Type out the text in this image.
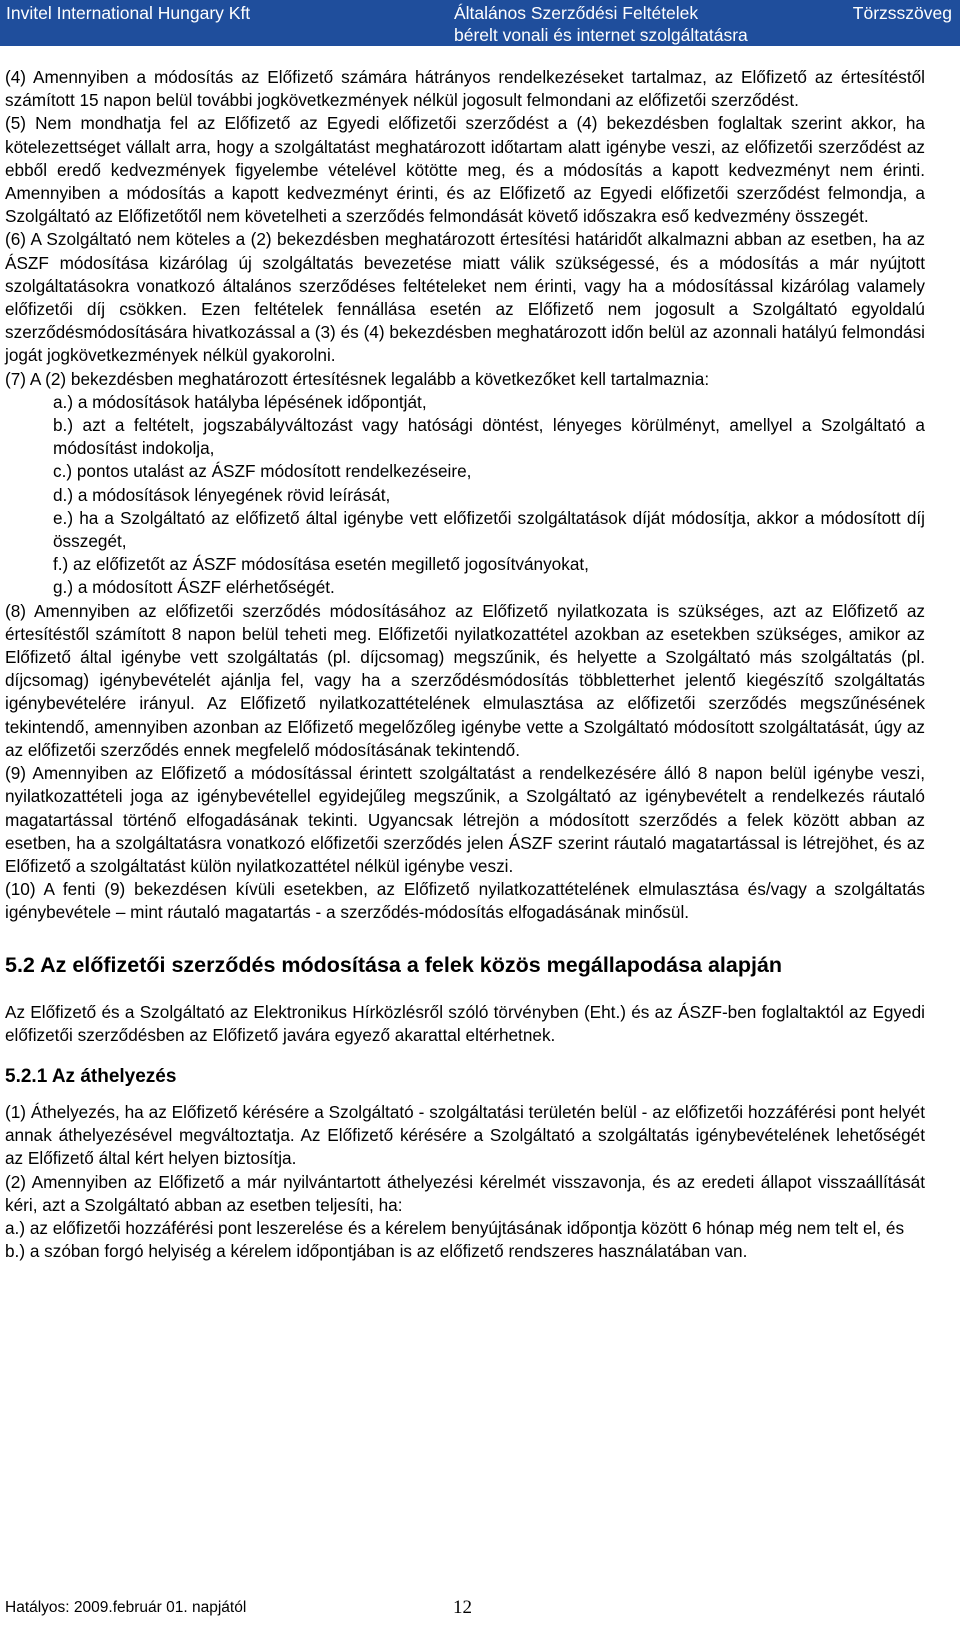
Invitel International Hungary Kft	Általános Szerződési Feltételek
bérelt vonali és internet szolgáltatásra
Törzsszöveg

(4) Amennyiben a módosítás az Előfizető számára hátrányos rendelkezéseket tartalmaz, az Előfizető az értesítéstől számított 15 napon belül további jogkövetkezmények nélkül jogosult felmondani az előfizetői szerződést.

(5) Nem mondhatja fel az Előfizető az Egyedi előfizetői szerződést a (4) bekezdésben foglaltak szerint akkor, ha kötelezettséget vállalt arra, hogy a szolgáltatást meghatározott időtartam alatt igénybe veszi, az előfizetői szerződést az ebből eredő kedvezmények figyelembe vételével kötötte meg, és a módosítás a kapott kedvezményt nem érinti. Amennyiben a módosítás a kapott kedvezményt érinti, és az Előfizető az Egyedi előfizetői szerződést felmondja, a Szolgáltató az Előfizetőtől nem követelheti a szerződés felmondását követő időszakra eső kedvezmény összegét.

(6) A Szolgáltató nem köteles a (2) bekezdésben meghatározott értesítési határidőt alkalmazni abban az esetben, ha az ÁSZF módosítása kizárólag új szolgáltatás bevezetése miatt válik szükségessé, és a módosítás a már nyújtott szolgáltatásokra vonatkozó általános szerződéses feltételeket nem érinti, vagy ha a módosítással kizárólag valamely előfizetői díj csökken. Ezen feltételek fennállása esetén az Előfizető nem jogosult a Szolgáltató egyoldalú szerződésmódosítására hivatkozással a (3) és (4) bekezdésben meghatározott időn belül az azonnali hatályú felmondási jogát jogkövetkezmények nélkül gyakorolni.

(7) A (2) bekezdésben meghatározott értesítésnek legalább a következőket kell tartalmaznia:

a.) a módosítások hatályba lépésének időpontját,

b.) azt a feltételt, jogszabályváltozást vagy hatósági döntést, lényeges körülményt, amellyel a Szolgáltató a módosítást indokolja,

c.) pontos utalást az ÁSZF módosított rendelkezéseire,

d.) a módosítások lényegének rövid leírását,

e.) ha a Szolgáltató az előfizető által igénybe vett előfizetői szolgáltatások díját módosítja, akkor a módosított díj összegét,

f.) az előfizetőt az ÁSZF módosítása esetén megillető jogosítványokat,

g.) a módosított ÁSZF elérhetőségét.

(8) Amennyiben az előfizetői szerződés módosításához az Előfizető nyilatkozata is szükséges, azt az Előfizető az értesítéstől számított 8 napon belül teheti meg. Előfizetői nyilatkozattétel azokban az esetekben szükséges, amikor az Előfizető által igénybe vett szolgáltatás (pl. díjcsomag) megszűnik, és helyette a Szolgáltató más szolgáltatás (pl. díjcsomag) igénybevételét ajánlja fel, vagy ha a szerződésmódosítás többletterhet jelentő kiegészítő szolgáltatás igénybevételére irányul. Az Előfizető nyilatkozattételének elmulasztása az előfizetői szerződés megszűnésének tekintendő, amennyiben azonban az Előfizető megelőzőleg igénybe vette a Szolgáltató módosított szolgáltatását, úgy az az előfizetői szerződés ennek megfelelő módosításának tekintendő.

(9) Amennyiben az Előfizető a módosítással érintett szolgáltatást a rendelkezésére álló 8 napon belül igénybe veszi, nyilatkozattételi joga az igénybevétellel egyidejűleg megszűnik, a Szolgáltató az igénybevételt a rendelkezés ráutaló magatartással történő elfogadásának tekinti. Ugyancsak létrejön a módosított szerződés a felek között abban az esetben, ha a szolgáltatásra vonatkozó előfizetői szerződés jelen ÁSZF szerint ráutaló magatartással is létrejöhet, és az Előfizető a szolgáltatást külön nyilatkozattétel nélkül igénybe veszi.

(10) A fenti (9) bekezdésen kívüli esetekben, az Előfizető nyilatkozattételének elmulasztása és/vagy a szolgáltatás igénybevétele – mint ráutaló magatartás - a szerződés-módosítás elfogadásának minősül.

5.2 Az előfizetői szerződés módosítása a felek közös megállapodása alapján

Az Előfizető és a Szolgáltató az Elektronikus Hírközlésről szóló törvényben (Eht.) és az ÁSZF-ben foglaltaktól az Egyedi előfizetői szerződésben az Előfizető javára egyező akarattal eltérhetnek.

5.2.1 Az áthelyezés

(1) Áthelyezés, ha az Előfizető kérésére a Szolgáltató - szolgáltatási területén belül - az előfizetői hozzáférési pont helyét annak áthelyezésével megváltoztatja. Az Előfizető kérésére a Szolgáltató a szolgáltatás igénybevételének lehetőségét az Előfizető által kért helyen biztosítja.

(2) Amennyiben az Előfizető a már nyilvántartott áthelyezési kérelmét visszavonja, és az eredeti állapot visszaállítását kéri, azt a Szolgáltató abban az esetben teljesíti, ha:

a.) az előfizetői hozzáférési pont leszerelése és a kérelem benyújtásának időpontja között 6 hónap még nem telt el, és

b.) a szóban forgó helyiség a kérelem időpontjában is az előfizető rendszeres használatában van.

Hatályos: 2009.február 01. napjától	12
